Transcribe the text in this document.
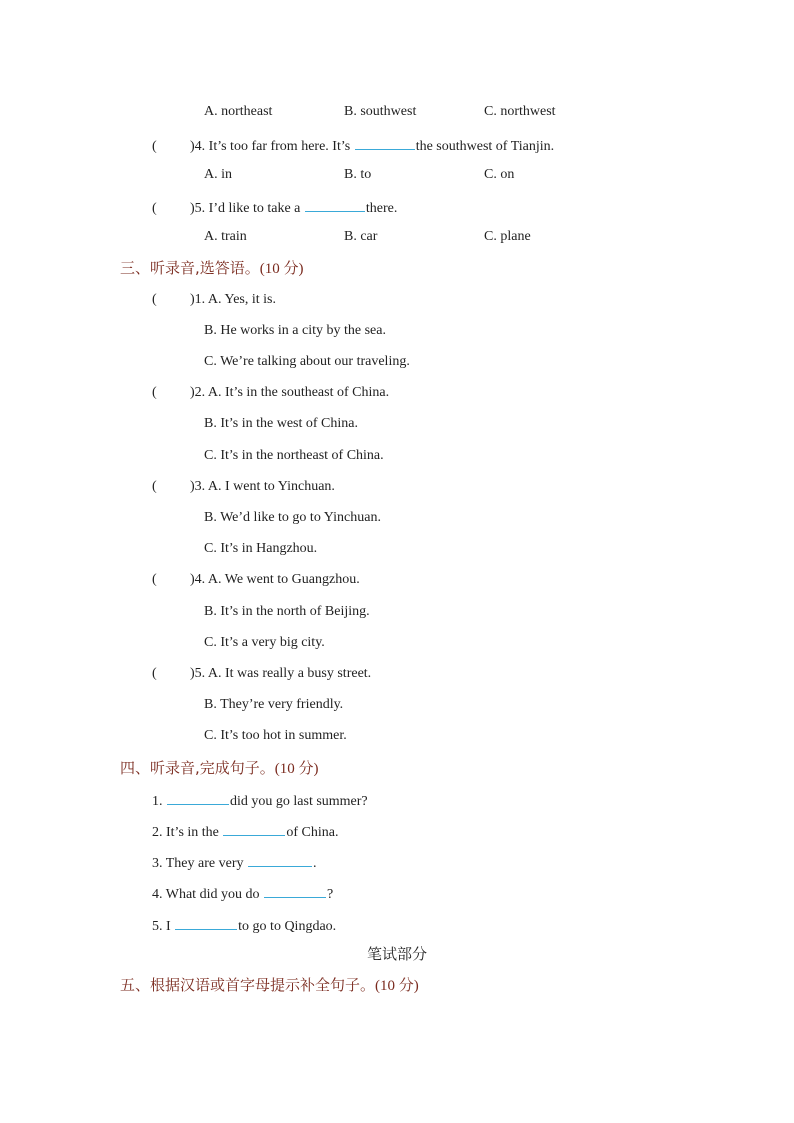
A. northeast	B. southwest	C. northwest
( )4. It’s too far from here. It’s	the southwest of Tianjin.
A. in	B. to	C. on
( )5. I’d like to take a	there.
A. train	B. car	C. plane
三、听录音,选答语。(10 分)
( )1. A. Yes, it is.
B. He works in a city by the sea.
C. We’re talking about our traveling.
( )2. A. It’s in the southeast of China.
B. It’s in the west of China.
C. It’s in the northeast of China.
( )3. A. I went to Yinchuan.
B. We’d like to go to Yinchuan.
C. It’s in Hangzhou.
( )4. A. We went to Guangzhou.
B. It’s in the north of Beijing.
C. It’s a very big city.
( )5. A. It was really a busy street.
B. They’re very friendly.
C. It’s too hot in summer.
四、听录音,完成句子。(10 分)
1.	did you go last summer?
2. It’s in the	of China.
3. They are very	.
4. What did you do	?
5. I	to go to Qingdao.
笔试部分
五、根据汉语或首字母提示补全句子。(10 分)
